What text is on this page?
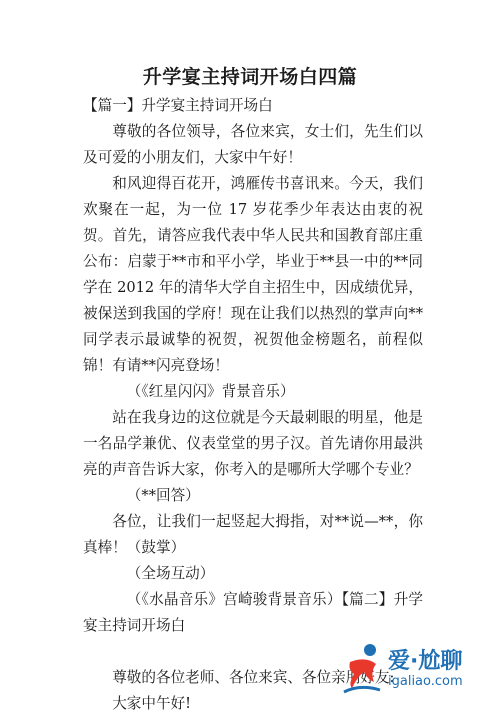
升学宴主持词开场白四篇

【篇一】升学宴主持词开场白

尊敬的各位领导，各位来宾，女士们，先生们以及可爱的小朋友们，大家中午好！

和风迎得百花开，鸿雁传书喜讯来。今天，我们欢聚在一起，为一位 17 岁花季少年表达由衷的祝贺。首先，请答应我代表中华人民共和国教育部庄重公布：启蒙于**市和平小学，毕业于**县一中的**同学在 2012 年的清华大学自主招生中，因成绩优异，被保送到我国的学府！现在让我们以热烈的掌声向**同学表示最诚挚的祝贺，祝贺他金榜题名，前程似锦！有请**闪亮登场！

（《红星闪闪》背景音乐）

站在我身边的这位就是今天最刺眼的明星，他是一名品学兼优、仪表堂堂的男子汉。首先请你用最洪亮的声音告诉大家，你考入的是哪所大学哪个专业？

（**回答）

各位，让我们一起竖起大拇指，对**说—**，你真棒！（鼓掌）

（全场互动）

（《水晶音乐》宫崎骏背景音乐）【篇二】升学宴主持词开场白

尊敬的各位老师、各位来宾、各位亲朋好友:

大家中午好!

爱·尬聊
igaliao.com
